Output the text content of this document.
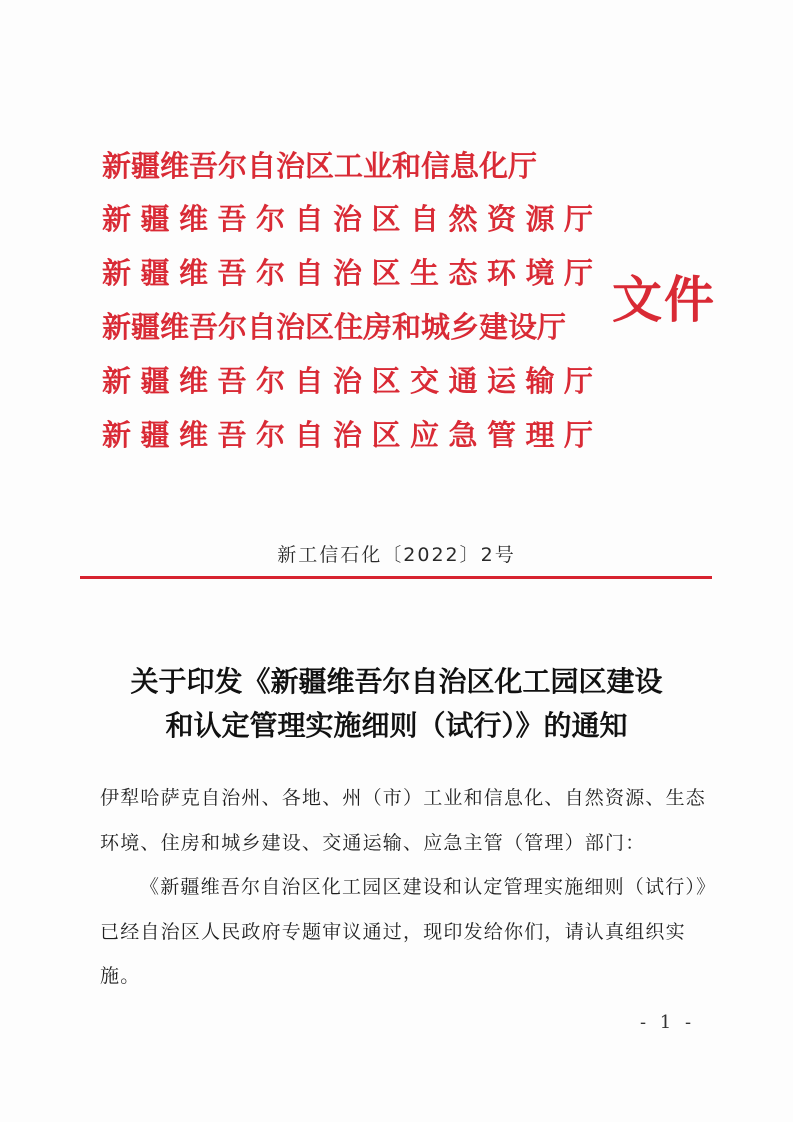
新疆维吾尔自治区工业和信息化厅
新疆维吾尔自治区自然资源厅
新疆维吾尔自治区生态环境厅
新疆维吾尔自治区住房和城乡建设厅
新疆维吾尔自治区交通运输厅
新疆维吾尔自治区应急管理厅
文件
新工信石化〔2022〕2号
关于印发《新疆维吾尔自治区化工园区建设
和认定管理实施细则（试行）》的通知

伊犁哈萨克自治州、各地、州（市）工业和信息化、自然资源、生态环境、住房和城乡建设、交通运输、应急主管（管理）部门：

《新疆维吾尔自治区化工园区建设和认定管理实施细则（试行）》已经自治区人民政府专题审议通过，现印发给你们，请认真组织实施。

- 1 -
